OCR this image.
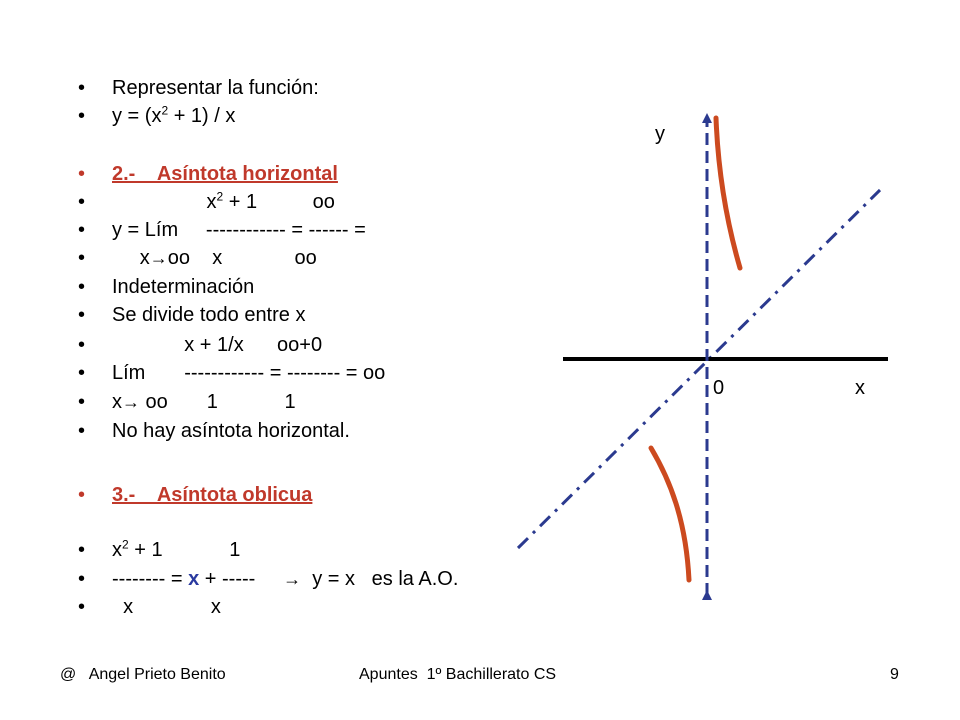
•

Representar la función:

•

$y = (x^2 + 1) / x$

•

2.-    Asíntota horizontal

•

$x^2 + 1$          oo

•

y = Lím     ------------ = ------ =

•

x→oo    x             oo

•

Indeterminación

•

Se divide todo entre x

•

x + 1/x      oo+0

•

Lím       ------------ = -------- = oo

•

x→ oo       1            1

•

No hay asíntota horizontal.

•

3.-    Asíntota oblicua

•

$x^2 + 1$            1

•

-------- = x + -----     →  y = x   es la A.O.

•

x              x

y
0	x
@   Angel Prieto Benito	Apuntes  1º Bachillerato CS	9
